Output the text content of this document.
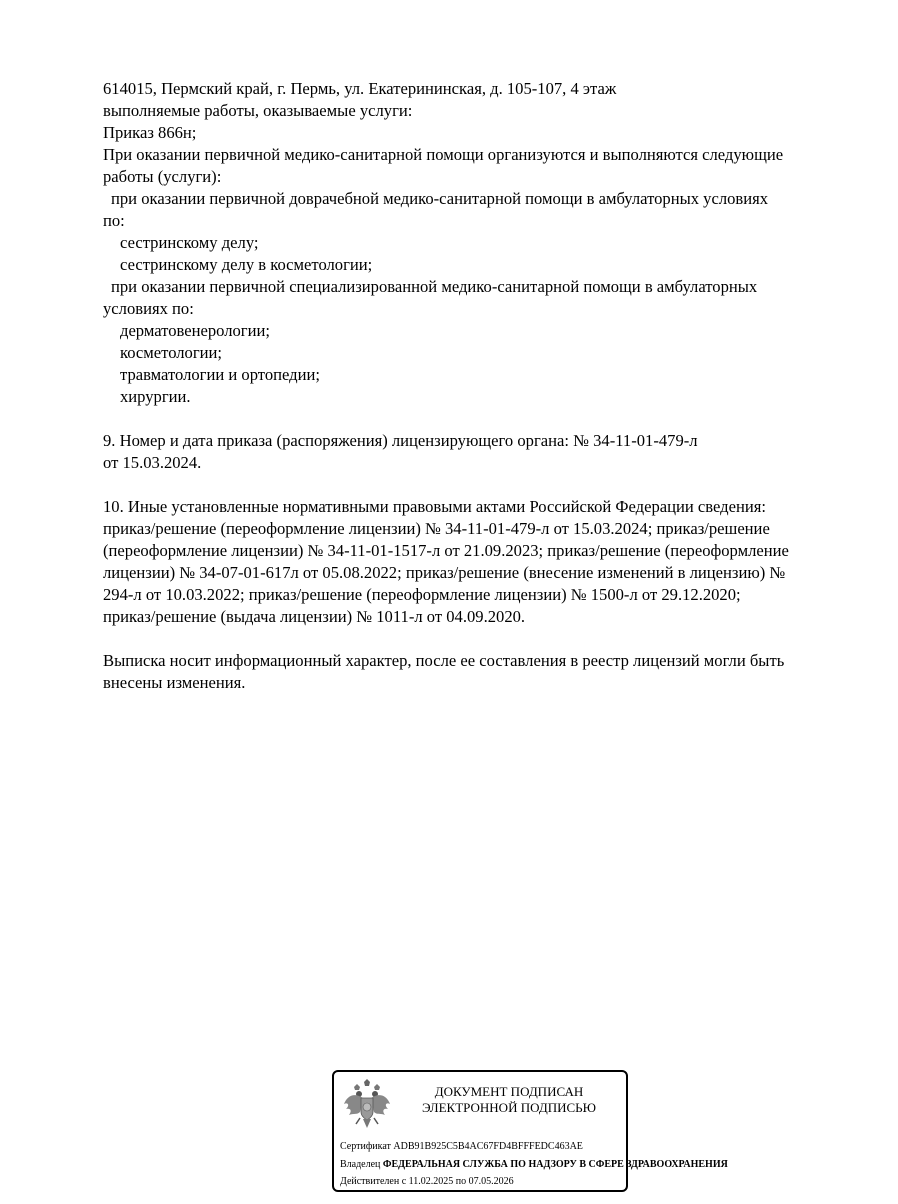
614015, Пермский край, г. Пермь, ул. Екатерининская, д. 105-107, 4 этаж
выполняемые работы, оказываемые услуги:
Приказ 866н;
При оказании первичной медико-санитарной помощи организуются и выполняются следующие
работы (услуги):
при оказании первичной доврачебной медико-санитарной помощи в амбулаторных условиях
по:
сестринскому делу;
сестринскому делу в косметологии;
при оказании первичной специализированной медико-санитарной помощи в амбулаторных
условиях по:
дерматовенерологии;
косметологии;
травматологии и ортопедии;
хирургии.
9. Номер и дата приказа (распоряжения) лицензирующего органа: № 34-11-01-479-л
от 15.03.2024.
10. Иные установленные нормативными правовыми актами Российской Федерации сведения:
приказ/решение (переоформление лицензии) № 34-11-01-479-л от 15.03.2024; приказ/решение
(переоформление лицензии) № 34-11-01-1517-л от 21.09.2023; приказ/решение (переоформление
лицензии) № 34-07-01-617л от 05.08.2022; приказ/решение (внесение изменений в лицензию) №
294-л от 10.03.2022; приказ/решение (переоформление лицензии) № 1500-л от 29.12.2020;
приказ/решение (выдача лицензии) № 1011-л от 04.09.2020.
Выписка носит информационный характер, после ее составления в реестр лицензий могли быть
внесены изменения.
ДОКУМЕНТ ПОДПИСАН
ЭЛЕКТРОННОЙ ПОДПИСЬЮ
Сертификат ADB91B925C5B4AC67FD4BFFFEDC463AE
Владелец ФЕДЕРАЛЬНАЯ СЛУЖБА ПО НАДЗОРУ В СФЕРЕ ЗДРАВООХРАНЕНИЯ
Действителен с 11.02.2025 по 07.05.2026
